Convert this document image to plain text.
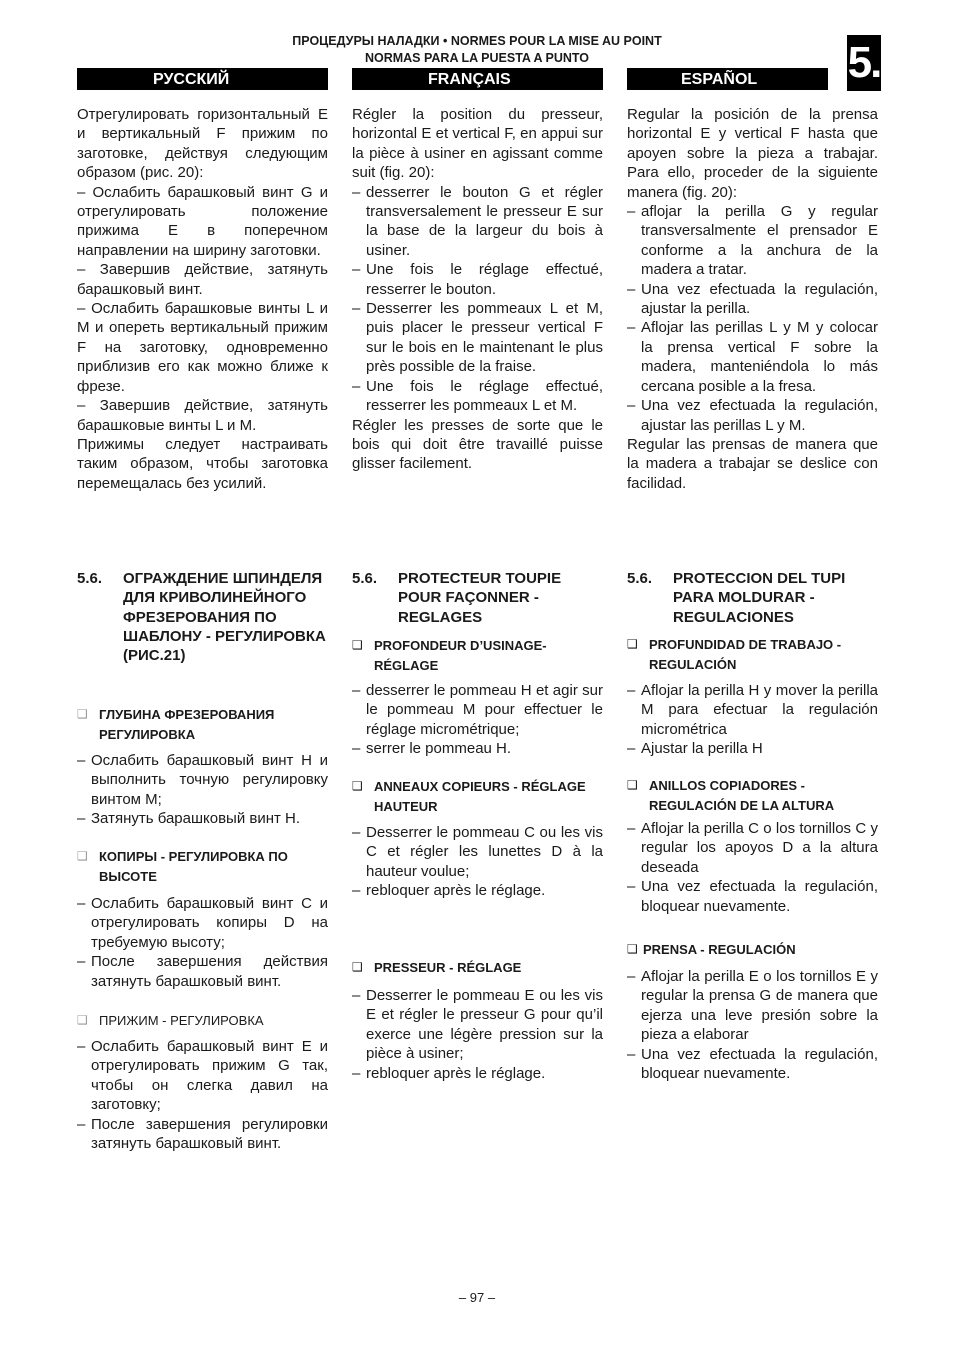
ПРОЦЕДУРЫ НАЛАДКИ • NORMES POUR LA MISE AU POINT
NORMAS PARA LA PUESTA A PUNTO	5.
РУССКИЙ	FRANÇAIS	ESPAÑOL

Отрегулировать горизонтальный Е и вертикальный F прижим по заготовке, действуя следующим образом (рис. 20):

– Ослабить барашковый винт G и отрегулировать положение прижима Е в поперечном направлении на ширину заготовки.

– Завершив действие, затянуть барашковый винт.

– Ослабить барашковые винты L и M и опереть вертикальный прижим F на заготовку, одновременно приблизив его как можно ближе к фрезе.

– Завершив действие, затянуть барашковые винты L и M.

Прижимы следует настраивать таким образом, чтобы заготовка перемещалась без усилий.

Régler la position du presseur, horizontal E et vertical F, en appui sur la pièce à usiner en agissant comme suit (fig. 20):

– desserrer le bouton G et régler transversalement le presseur E sur la base de la largeur du bois à usiner.
– Une fois le réglage effectué, resserrer le bouton.
– Desserrer les pommeaux L et M, puis placer le presseur vertical F sur le bois en le maintenant le plus près possible de la fraise.
– Une fois le réglage effectué, resserrer les pommeaux L et M.

Régler les presses de sorte que le bois qui doit être travaillé puisse glisser facilement.

Regular la posición de la prensa horizontal E y vertical F hasta que apoyen sobre la pieza a trabajar. Para ello, proceder de la siguiente manera (fig. 20):

– aflojar la perilla G y regular transversalmente el prensador E conforme a la anchura de la madera a tratar.
– Una vez efectuada la regulación, ajustar la perilla.
– Aflojar las perillas L y M y colocar la prensa vertical F sobre la madera, manteniéndola lo más cercana posible a la fresa.
– Una vez efectuada la regulación, ajustar las perillas L y M.

Regular las prensas de manera que la madera a trabajar se deslice con facilidad.

5.6.	ОГРАЖДЕНИЕ ШПИНДЕЛЯ ДЛЯ КРИВОЛИНЕЙНОГО ФРЕЗЕРОВАНИЯ ПО ШАБЛОНУ - РЕГУЛИРОВКА (РИС.21)
❑ ГЛУБИНА ФРЕЗЕРОВАНИЯ РЕГУЛИРОВКА
– Ослабить барашковый винт H и выполнить точную регулировку винтом M;
– Затянуть барашковый винт H.
❑ КОПИРЫ - РЕГУЛИРОВКА ПО ВЫСОТЕ
– Ослабить барашковый винт C и отрегулировать копиры D на требуемую высоту;
– После завершения действия затянуть барашковый винт.
❑ ПРИЖИМ - РЕГУЛИРОВКА
– Ослабить барашковый винт E и отрегулировать прижим G так, чтобы он слегка давил на заготовку;
– После завершения регулировки затянуть барашковый винт.
5.6.	PROTECTEUR TOUPIE POUR FAÇONNER - REGLAGES
❑ PROFONDEUR D’USINAGE-RÉGLAGE
– desserrer le pommeau H et agir sur le pommeau M pour effectuer le réglage micrométrique;
– serrer le pommeau H.
❑ ANNEAUX COPIEURS - RÉGLAGE HAUTEUR
– Desserrer le pommeau C ou les vis C et régler les lunettes D à la hauteur voulue;
– rebloquer après le réglage.
❑ PRESSEUR - RÉGLAGE
– Desserrer le pommeau E ou les vis E et régler le presseur G pour qu’il exerce une légère pression sur la pièce à usiner;
– rebloquer après le réglage.
5.6.	PROTECCION DEL TUPI PARA MOLDURAR - REGULACIONES
❑ PROFUNDIDAD DE TRABAJO - REGULACIÓN
– Aflojar la perilla H y mover la perilla M para efectuar la regulación micrométrica
– Ajustar la perilla H
❑ ANILLOS COPIADORES - REGULACIÓN DE LA ALTURA
– Aflojar la perilla C o los tornillos C y regular los apoyos D a la altura deseada
– Una vez efectuada la regulación, bloquear nuevamente.
❑ PRENSA - REGULACIÓN
– Aflojar la perilla E o los tornillos E y regular la prensa G de manera que ejerza una leve presión sobre la pieza a elaborar
– Una vez efectuada la regulación, bloquear nuevamente.
– 97 –
